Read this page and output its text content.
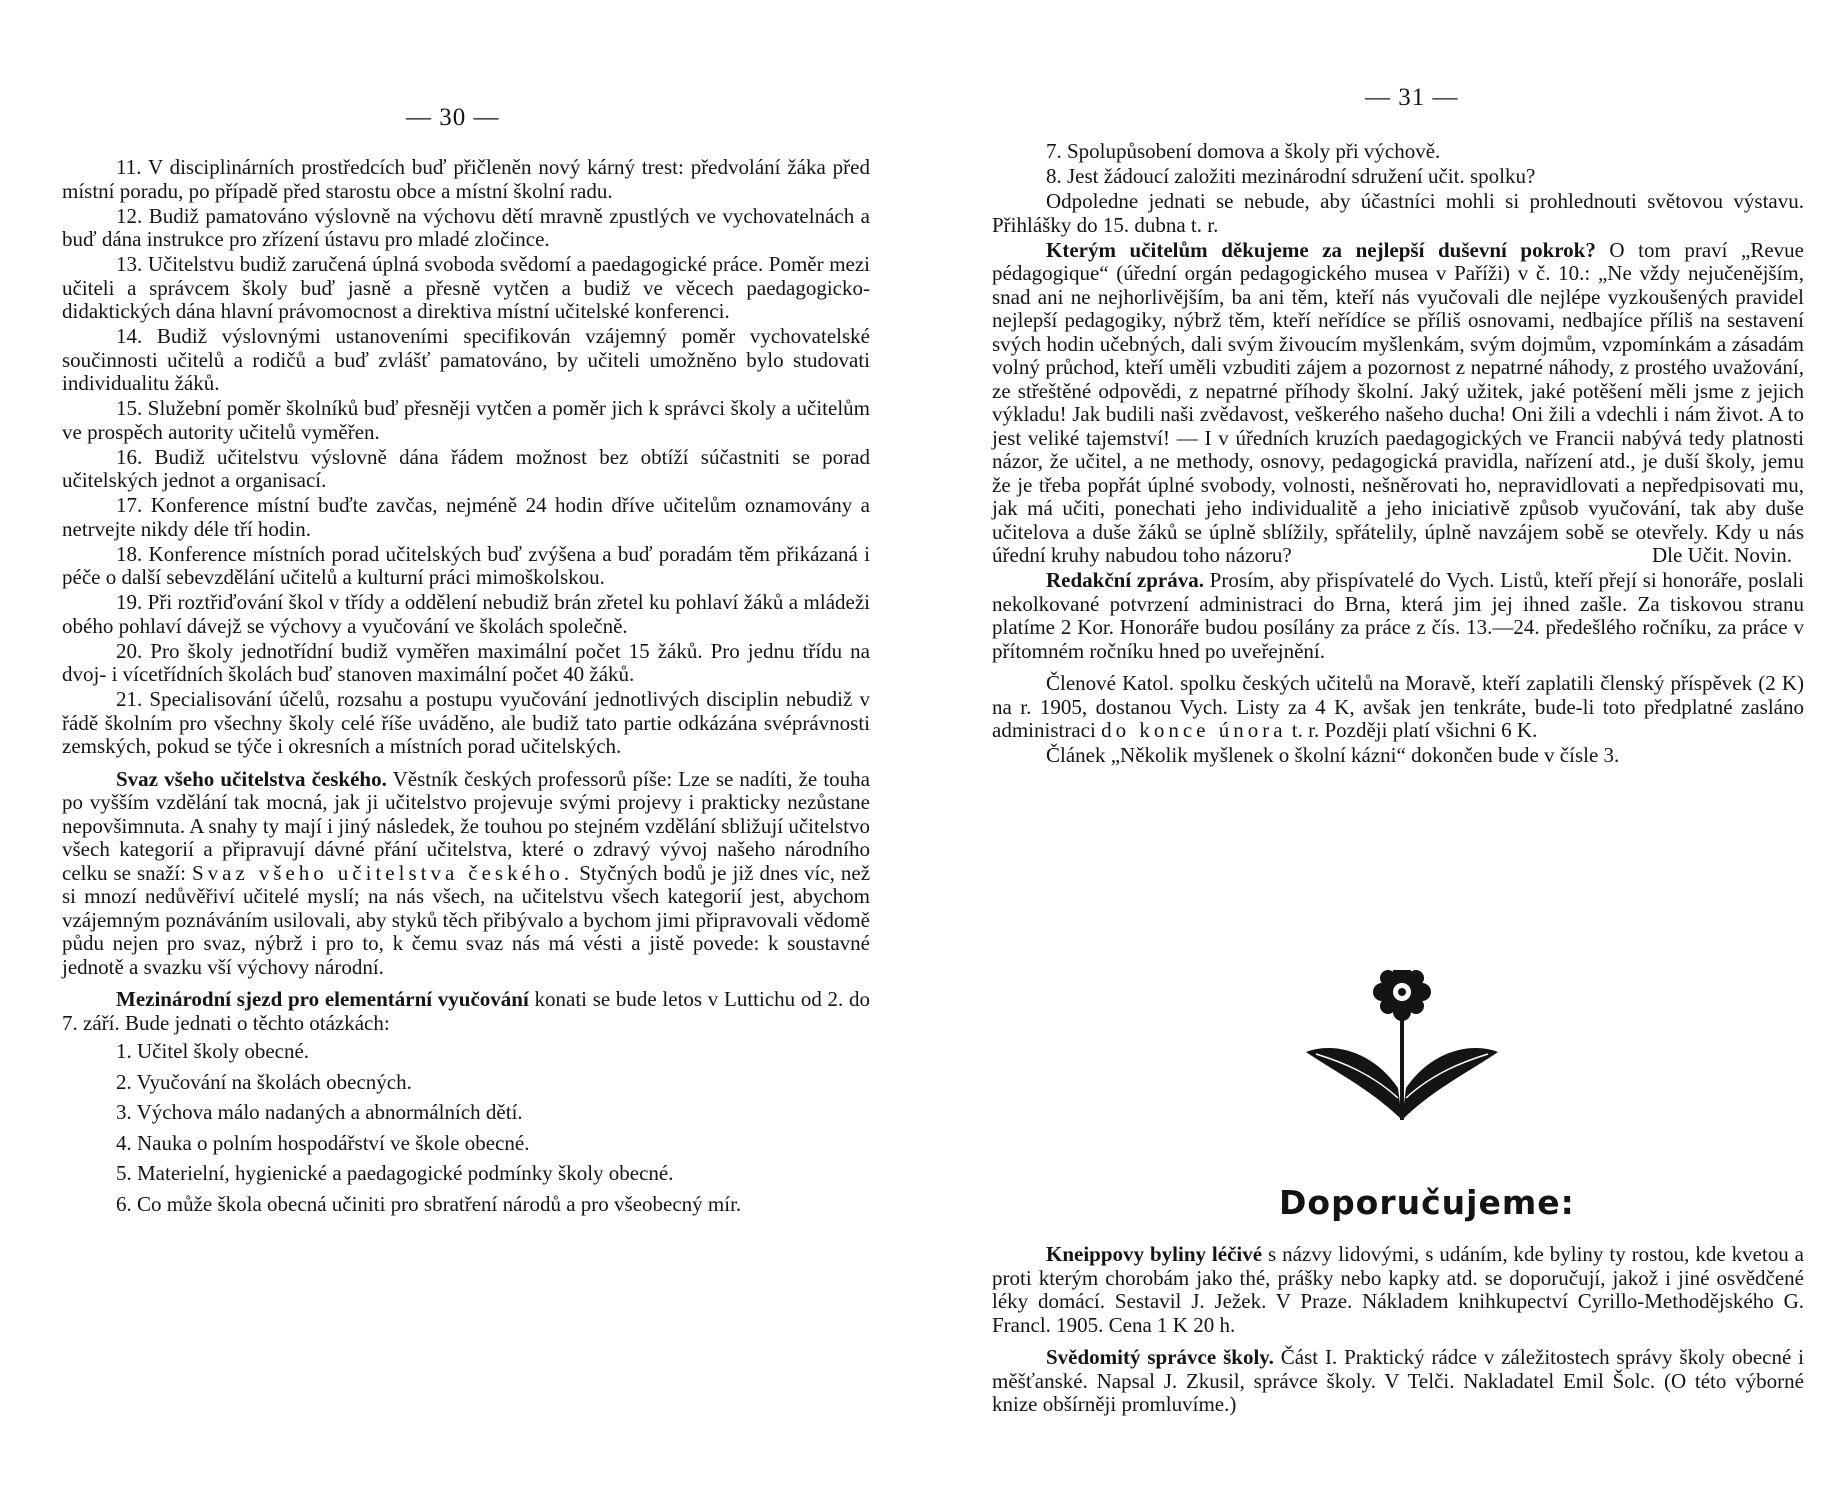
— 30 —

11. V disciplinárních prostředcích buď přičleněn nový kárný trest: předvolání žáka před místní poradu, po případě před starostu obce a místní školní radu.

12. Budiž pamatováno výslovně na výchovu dětí mravně zpustlých ve vychovatelnách a buď dána instrukce pro zřízení ústavu pro mladé zločince.

13. Učitelstvu budiž zaručená úplná svoboda svědomí a paedagogické práce. Poměr mezi učiteli a správcem školy buď jasně a přesně vytčen a budiž ve věcech paedagogicko-didaktických dána hlavní právomocnost a direktiva místní učitelské konferenci.

14. Budiž výslovnými ustanoveními specifikován vzájemný poměr vychovatelské součinnosti učitelů a rodičů a buď zvlášť pamatováno, by učiteli umožněno bylo studovati individualitu žáků.

15. Služební poměr školníků buď přesněji vytčen a poměr jich k správci školy a učitelům ve prospěch autority učitelů vyměřen.

16. Budiž učitelstvu výslovně dána řádem možnost bez obtíží súčastniti se porad učitelských jednot a organisací.

17. Konference místní buďte zavčas, nejméně 24 hodin dříve učitelům oznamovány a netrvejte nikdy déle tří hodin.

18. Konference místních porad učitelských buď zvýšena a buď poradám těm přikázaná i péče o další sebevzdělání učitelů a kulturní práci mimoškolskou.

19. Při roztřiďování škol v třídy a oddělení nebudiž brán zřetel ku pohlaví žáků a mládeži obého pohlaví dávejž se výchovy a vyučování ve školách společně.

20. Pro školy jednotřídní budiž vyměřen maximální počet 15 žáků. Pro jednu třídu na dvoj- i vícetřídních školách buď stanoven maximální počet 40 žáků.

21. Specialisování účelů, rozsahu a postupu vyučování jednotlivých disciplin nebudiž v řádě školním pro všechny školy celé říše uváděno, ale budiž tato partie odkázána svéprávnosti zemských, pokud se týče i okresních a místních porad učitelských.

Svaz všeho učitelstva českého. Věstník českých professorů píše: Lze se nadíti, že touha po vyšším vzdělání tak mocná, jak ji učitelstvo projevuje svými projevy i prakticky nezůstane nepovšimnuta. A snahy ty mají i jiný následek, že touhou po stejném vzdělání sbližují učitelstvo všech kategorií a připravují dávné přání učitelstva, které o zdravý vývoj našeho národního celku se snaží: Svaz všeho učitelstva českého. Styčných bodů je již dnes víc, než si mnozí nedůvěřiví učitelé myslí; na nás všech, na učitelstvu všech kategorií jest, abychom vzájemným poznáváním usilovali, aby styků těch přibývalo a bychom jimi připravovali vědomě půdu nejen pro svaz, nýbrž i pro to, k čemu svaz nás má vésti a jistě povede: k soustavné jednotě a svazku vší výchovy národní.

Mezinárodní sjezd pro elementární vyučování konati se bude letos v Luttichu od 2. do 7. září. Bude jednati o těchto otázkách:

1. Učitel školy obecné.
2. Vyučování na školách obecných.
3. Výchova málo nadaných a abnormálních dětí.
4. Nauka o polním hospodářství ve škole obecné.
5. Materielní, hygienické a paedagogické podmínky školy obecné.
6. Co může škola obecná učiniti pro sbratření národů a pro všeobecný mír.
— 31 —

7. Spolupůsobení domova a školy při výchově.

8. Jest žádoucí založiti mezinárodní sdružení učit. spolku?

Odpoledne jednati se nebude, aby účastníci mohli si prohlednouti světovou výstavu. Přihlášky do 15. dubna t. r.

Kterým učitelům děkujeme za nejlepší duševní pokrok? O tom praví „Revue pédagogique“ (úřední orgán pedagogického musea v Paříži) v č. 10.: „Ne vždy nejučenějším, snad ani ne nejhorlivějším, ba ani těm, kteří nás vyučovali dle nejlépe vyzkoušených pravidel nejlepší pedagogiky, nýbrž těm, kteří neřídíce se příliš osnovami, nedbajíce příliš na sestavení svých hodin učebných, dali svým živoucím myšlenkám, svým dojmům, vzpomínkám a zásadám volný průchod, kteří uměli vzbuditi zájem a pozornost z nepatrné náhody, z prostého uvažování, ze střeštěné odpovědi, z nepatrné příhody školní. Jaký užitek, jaké potěšení měli jsme z jejich výkladu! Jak budili naši zvědavost, veškerého našeho ducha! Oni žili a vdechli i nám život. A to jest veliké tajemství! — I v úředních kruzích paedagogických ve Francii nabývá tedy platnosti názor, že učitel, a ne methody, osnovy, pedagogická pravidla, nařízení atd., je duší školy, jemu že je třeba popřát úplné svobody, volnosti, nešněrovati ho, nepravidlovati a nepředpisovati mu, jak má učiti, ponechati jeho individualitě a jeho iniciativě způsob vyučování, tak aby duše učitelova a duše žáků se úplně sblížily, spřátelily, úplně navzájem sobě se otevřely. Kdy u nás úřední kruhy nabudou toho názoru?	Dle Učit. Novin.

Redakční zpráva. Prosím, aby přispívatelé do Vych. Listů, kteří přejí si honoráře, poslali nekolkované potvrzení administraci do Brna, která jim jej ihned zašle. Za tiskovou stranu platíme 2 Kor. Honoráře budou posílány za práce z čís. 13.—24. předešlého ročníku, za práce v přítomném ročníku hned po uveřejnění.

Členové Katol. spolku českých učitelů na Moravě, kteří zaplatili členský příspěvek (2 K) na r. 1905, dostanou Vych. Listy za 4 K, avšak jen tenkráte, bude-li toto předplatné zasláno administraci do konce února t. r. Později platí všichni 6 K.

Článek „Několik myšlenek o školní kázni“ dokončen bude v čísle 3.

Doporučujeme:

Kneippovy byliny léčivé s názvy lidovými, s udáním, kde byliny ty rostou, kde kvetou a proti kterým chorobám jako thé, prášky nebo kapky atd. se doporučují, jakož i jiné osvědčené léky domácí. Sestavil J. Ježek. V Praze. Nákladem knihkupectví Cyrillo-Methodějského G. Francl. 1905. Cena 1 K 20 h.

Svědomitý správce školy. Část I. Praktický rádce v záležitostech správy školy obecné i měšťanské. Napsal J. Zkusil, správce školy. V Telči. Nakladatel Emil Šolc. (O této výborné knize obšírněji promluvíme.)
